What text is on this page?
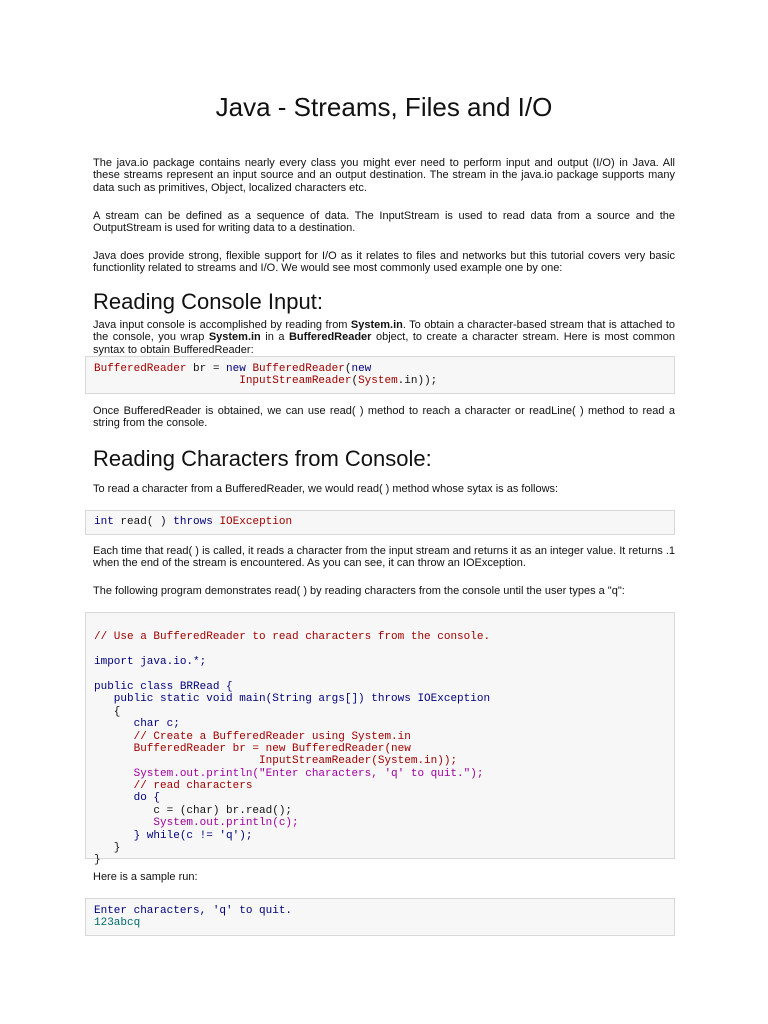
Java - Streams, Files and I/O

The java.io package contains nearly every class you might ever need to perform input and output (I/O) in Java. All these streams represent an input source and an output destination. The stream in the java.io package supports many data such as primitives, Object, localized characters etc.

A stream can be defined as a sequence of data. The InputStream is used to read data from a source and the OutputStream is used for writing data to a destination.

Java does provide strong, flexible support for I/O as it relates to files and networks but this tutorial covers very basic functionlity related to streams and I/O. We would see most commonly used example one by one:

Reading Console Input:

Java input console is accomplished by reading from System.in. To obtain a character-based stream that is attached to the console, you wrap System.in in a BufferedReader object, to create a character stream. Here is most common syntax to obtain BufferedReader:

BufferedReader br = new BufferedReader(new
InputStreamReader(System.in));

Once BufferedReader is obtained, we can use read( ) method to reach a character or readLine( ) method to read a string from the console.

Reading Characters from Console:

To read a character from a BufferedReader, we would read( ) method whose sytax is as follows:

int read( ) throws IOException

Each time that read( ) is called, it reads a character from the input stream and returns it as an integer value. It returns .1 when the end of the stream is encountered. As you can see, it can throw an IOException.

The following program demonstrates read( ) by reading characters from the console until the user types a "q":

// Use a BufferedReader to read characters from the console.
import java.io.*;
public class BRRead {
public static void main(String args[]) throws IOException
{
char c;
// Create a BufferedReader using System.in
BufferedReader br = new BufferedReader(new
InputStreamReader(System.in));
System.out.println("Enter characters, 'q' to quit.");
// read characters
do {
c = (char) br.read();
System.out.println(c);
} while(c != 'q');
}
}

Here is a sample run:

Enter characters, 'q' to quit.
123abcq
